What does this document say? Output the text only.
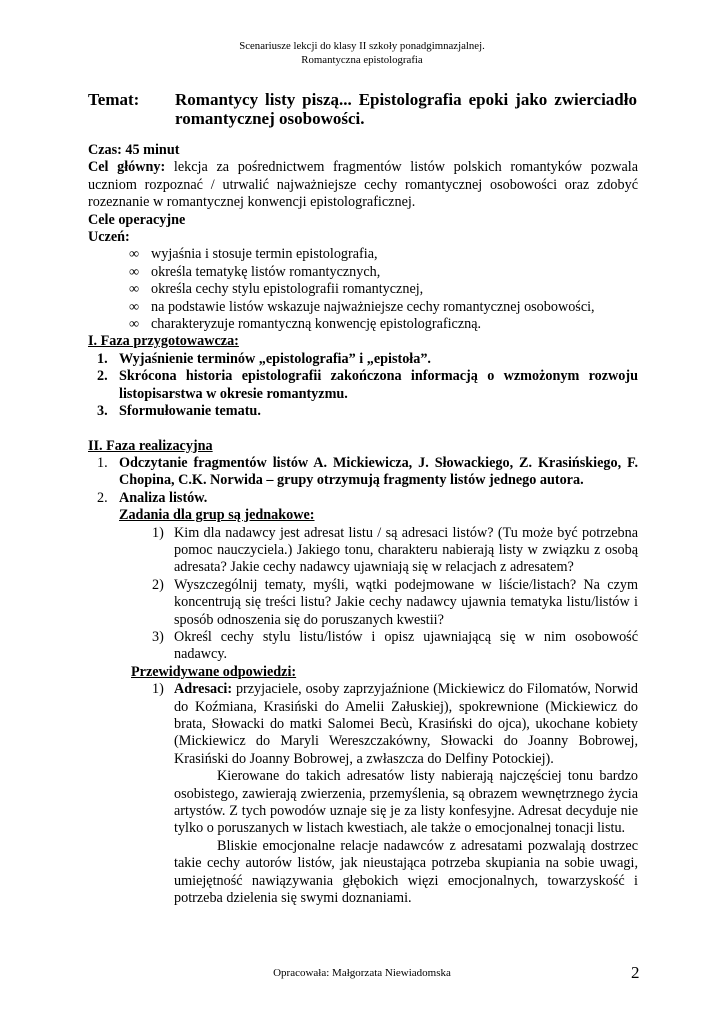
Scenariusze lekcji do klasy II szkoły ponadgimnazjalnej.
Romantyczna epistolografia
Temat: Romantycy listy piszą... Epistolografia epoki jako zwierciadło romantycznej osobowości.
Czas: 45 minut
Cel główny: lekcja za pośrednictwem fragmentów listów polskich romantyków pozwala uczniom rozpoznać / utrwalić najważniejsze cechy romantycznej osobowości oraz zdobyć rozeznanie w romantycznej konwencji epistolograficznej.
Cele operacyjne
Uczeń:
∞ wyjaśnia i stosuje termin epistolografia,
∞ określa tematykę listów romantycznych,
∞ określa cechy stylu epistolografii romantycznej,
∞ na podstawie listów wskazuje najważniejsze cechy romantycznej osobowości,
∞ charakteryzuje romantyczną konwencję epistolograficzną.
I. Faza przygotowawcza:
1. Wyjaśnienie terminów „epistolografia” i „epistoła”.
2. Skrócona historia epistolografii zakończona informacją o wzmożonym rozwoju listopisarstwa w okresie romantyzmu.
3. Sformułowanie tematu.
II. Faza realizacyjna
1. Odczytanie fragmentów listów A. Mickiewicza, J. Słowackiego, Z. Krasińskiego, F. Chopina, C.K. Norwida – grupy otrzymują fragmenty listów jednego autora.
2. Analiza listów.
Zadania dla grup są jednakowe:
1) Kim dla nadawcy jest adresat listu / są adresaci listów? (Tu może być potrzebna pomoc nauczyciela.) Jakiego tonu, charakteru nabierają listy w związku z osobą adresata? Jakie cechy nadawcy ujawniają się w relacjach z adresatem?
2) Wyszczególnij tematy, myśli, wątki podejmowane w liście/listach? Na czym koncentrują się treści listu? Jakie cechy nadawcy ujawnia tematyka listu/listów i sposób odnoszenia się do poruszanych kwestii?
3) Określ cechy stylu listu/listów i opisz ujawniającą się w nim osobowość nadawcy.
Przewidywane odpowiedzi:
1) Adresaci: przyjaciele, osoby zaprzyjaźnione (Mickiewicz do Filomatów, Norwid do Koźmiana, Krasiński do Amelii Załuskiej), spokrewnione (Mickiewicz do brata, Słowacki do matki Salomei Becù, Krasiński do ojca), ukochane kobiety (Mickiewicz do Maryli Wereszczakówny, Słowacki do Joanny Bobrowej, Krasiński do Joanny Bobrowej, a zwłaszcza do Delfiny Potockiej).
Kierowane do takich adresatów listy nabierają najczęściej tonu bardzo osobistego, zawierają zwierzenia, przemyślenia, są obrazem wewnętrznego życia artystów. Z tych powodów uznaje się je za listy konfesyjne. Adresat decyduje nie tylko o poruszanych w listach kwestiach, ale także o emocjonalnej tonacji listu.
Bliskie emocjonalne relacje nadawców z adresatami pozwalają dostrzec takie cechy autorów listów, jak nieustająca potrzeba skupiania na sobie uwagi, umiejętność nawiązywania głębokich więzi emocjonalnych, towarzyskość i potrzeba dzielenia się swymi doznaniami.
Opracowała: Małgorzata Niewiadomska	2
